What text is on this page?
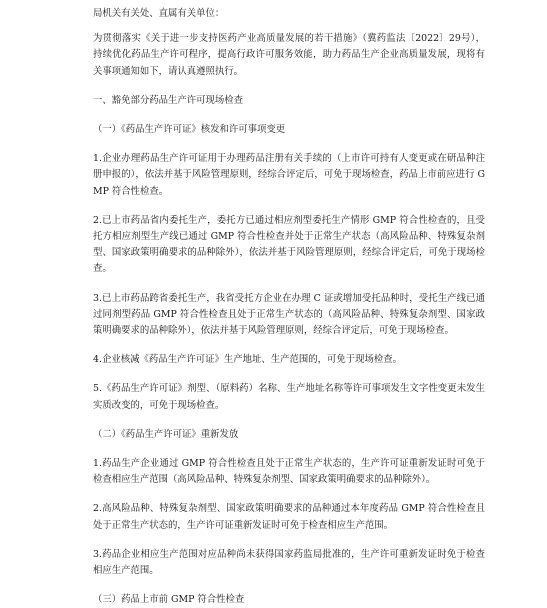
局机关有关处、直属有关单位：

为贯彻落实《关于进一步支持医药产业高质量发展的若干措施》（冀药监法〔2022〕29号），持续优化药品生产许可程序，提高行政许可服务效能，助力药品生产企业高质量发展，现将有关事项通知如下，请认真遵照执行。

一、豁免部分药品生产许可现场检查

（一）《药品生产许可证》核发和许可事项变更

1.企业办理药品生产许可证用于办理药品注册有关手续的（上市许可持有人变更或在研品种注册申报的），依法并基于风险管理原则，经综合评定后，可免于现场检查，药品上市前应进行 GMP 符合性检查。

2.已上市药品省内委托生产，委托方已通过相应剂型委托生产情形 GMP 符合性检查的，且受托方相应剂型生产线已通过 GMP 符合性检查并处于正常生产状态（高风险品种、特殊复杂剂型、国家政策明确要求的品种除外），依法并基于风险管理原则，经综合评定后，可免于现场检查。

3.已上市药品跨省委托生产，我省受托方企业在办理 C 证或增加受托品种时，受托生产线已通过同剂型药品 GMP 符合性检查且处于正常生产状态的（高风险品种、特殊复杂剂型、国家政策明确要求的品种除外），依法并基于风险管理原则，经综合评定后，可免于现场检查。

4.企业核减《药品生产许可证》生产地址、生产范围的，可免于现场检查。

5.《药品生产许可证》剂型、（原料药）名称、生产地址名称等许可事项发生文字性变更未发生实质改变的，可免于现场检查。

（二）《药品生产许可证》重新发放

1.药品生产企业通过 GMP 符合性检查且处于正常生产状态的，生产许可证重新发证时可免于检查相应生产范围（高风险品种、特殊复杂剂型、国家政策明确要求的品种除外）。

2.高风险品种、特殊复杂剂型、国家政策明确要求的品种通过本年度药品 GMP 符合性检查且处于正常生产状态的，生产许可证重新发证时可免于检查相应生产范围。

3.药品企业相应生产范围对应品种尚未获得国家药监局批准的，生产许可重新发证时免于检查相应生产范围。

（三）药品上市前 GMP 符合性检查
